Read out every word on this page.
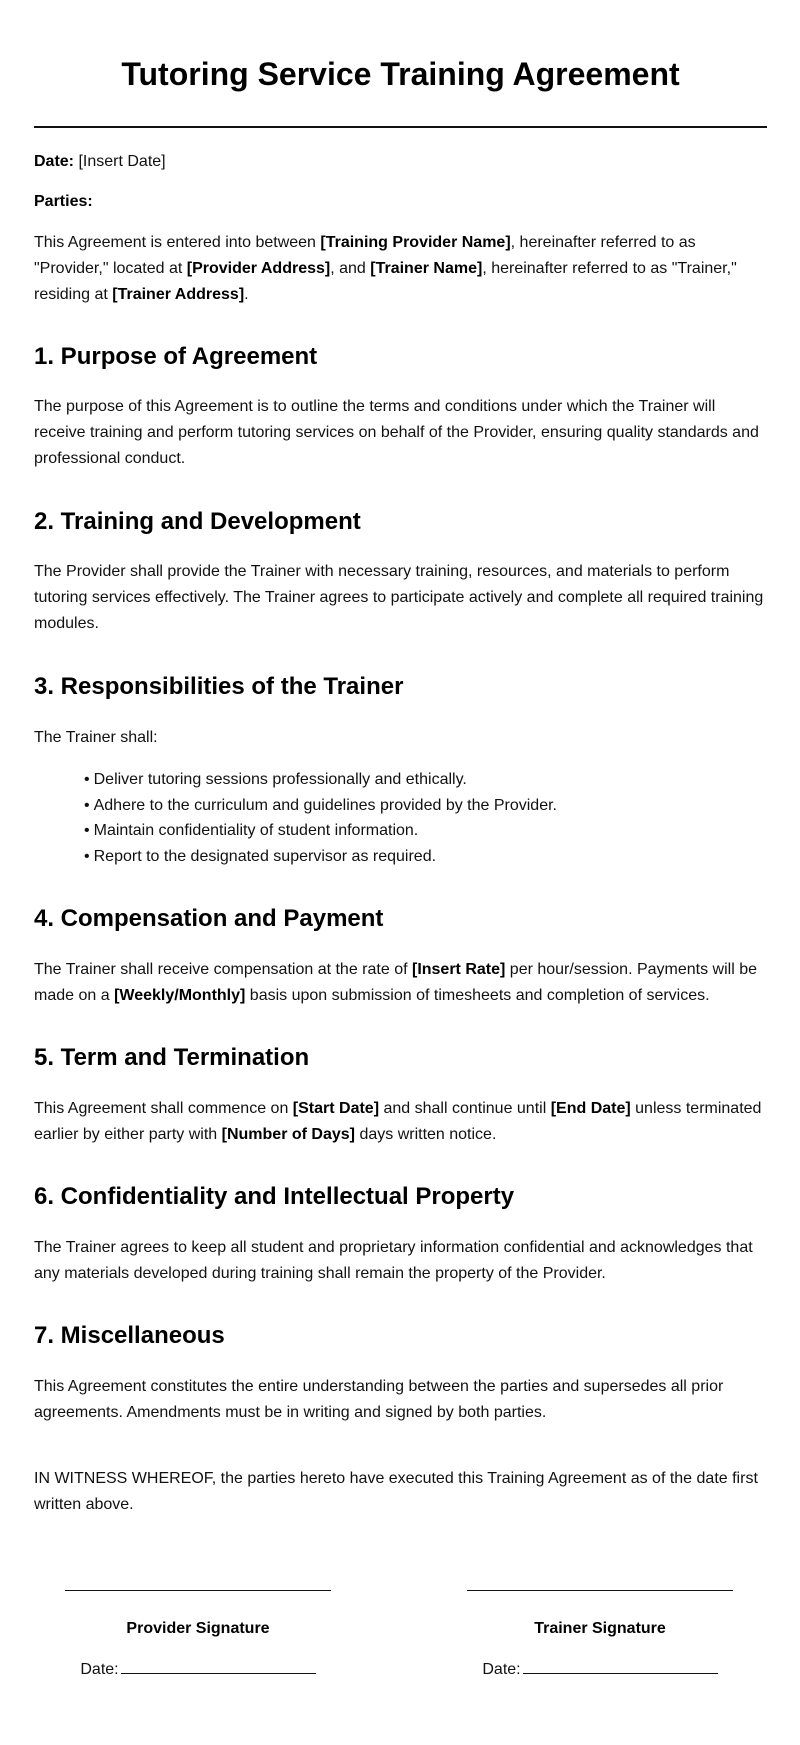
Tutoring Service Training Agreement

Date: [Insert Date]

Parties:

This Agreement is entered into between [Training Provider Name], hereinafter referred to as "Provider," located at [Provider Address], and [Trainer Name], hereinafter referred to as "Trainer," residing at [Trainer Address].

1. Purpose of Agreement

The purpose of this Agreement is to outline the terms and conditions under which the Trainer will receive training and perform tutoring services on behalf of the Provider, ensuring quality standards and professional conduct.

2. Training and Development

The Provider shall provide the Trainer with necessary training, resources, and materials to perform tutoring services effectively. The Trainer agrees to participate actively and complete all required training modules.

3. Responsibilities of the Trainer

The Trainer shall:

• Deliver tutoring sessions professionally and ethically.
• Adhere to the curriculum and guidelines provided by the Provider.
• Maintain confidentiality of student information.
• Report to the designated supervisor as required.
4. Compensation and Payment

The Trainer shall receive compensation at the rate of [Insert Rate] per hour/session. Payments will be made on a [Weekly/Monthly] basis upon submission of timesheets and completion of services.

5. Term and Termination

This Agreement shall commence on [Start Date] and shall continue until [End Date] unless terminated earlier by either party with [Number of Days] days written notice.

6. Confidentiality and Intellectual Property

The Trainer agrees to keep all student and proprietary information confidential and acknowledges that any materials developed during training shall remain the property of the Provider.

7. Miscellaneous

This Agreement constitutes the entire understanding between the parties and supersedes all prior agreements. Amendments must be in writing and signed by both parties.

IN WITNESS WHEREOF, the parties hereto have executed this Training Agreement as of the date first written above.

Provider Signature
Date:
Trainer Signature
Date:
